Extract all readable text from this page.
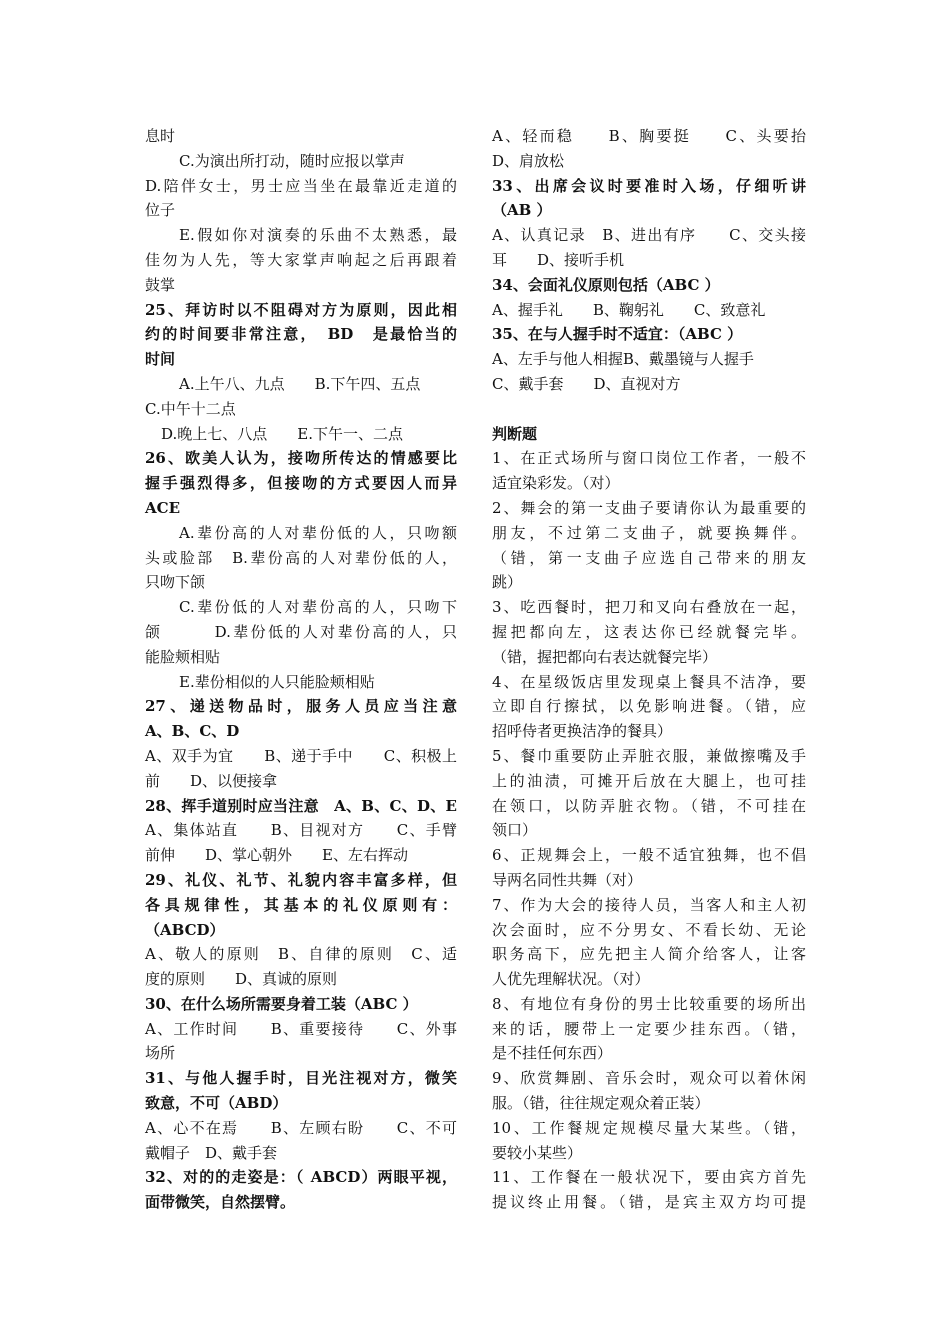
息时
C.为演出所打动，随时应报以掌声
D.陪伴女士，男士应当坐在最靠近走道的
位子
E.假如你对演奏的乐曲不太熟悉，最
佳勿为人先，等大家掌声响起之后再跟着
鼓掌
25、拜访时以不阻碍对方为原则，因此相
约的时间要非常注意，　BD　是最恰当的
时间
A.上午八、九点　　B.下午四、五点
C.中午十二点
D.晚上七、八点　　E.下午一、二点
26、欧美人认为，接吻所传达的情感要比
握手强烈得多，但接吻的方式要因人而异
ACE
A.辈份高的人对辈份低的人，只吻额
头或脸部　B.辈份高的人对辈份低的人，
只吻下颌
C.辈份低的人对辈份高的人，只吻下
颌　　　D.辈份低的人对辈份高的人，只
能脸颊相贴
E.辈份相似的人只能脸颊相贴
27、递送物品时，服务人员应当注意
A、B、C、D
A、双手为宜　　B、递于手中　　C、积极上
前　　D、以便接拿
28、挥手道别时应当注意　A、B、C、D、E
A、集体站直　　B、目视对方　　C、手臂
前伸　　D、掌心朝外　　E、左右挥动
29、礼仪、礼节、礼貌内容丰富多样，但
各具规律性，其基本的礼仪原则有：
（ABCD）
A、敬人的原则　B、自律的原则　C、适
度的原则　　D、真诚的原则
30、在什么场所需要身着工装（ABC ）
A、工作时间　　B、重要接待　　C、外事
场所
31、与他人握手时，目光注视对方，微笑
致意，不可（ABD）
A、心不在焉　　B、左顾右盼　　C、不可
戴帽子　D、戴手套
32、对的的走姿是：（ ABCD）两眼平视，
面带微笑，自然摆臂。
A、轻而稳　　B、胸要挺　　C、头要抬
D、肩放松
33、出席会议时要准时入场，仔细听讲
（AB ）
A、认真记录　B、进出有序　　C、交头接
耳　　D、接听手机
34、会面礼仪原则包括（ABC ）
A、握手礼　　B、鞠躬礼　　C、致意礼
35、在与人握手时不适宜：（ABC ）
A、左手与他人相握B、戴墨镜与人握手
C、戴手套　　D、直视对方
判断题
1、在正式场所与窗口岗位工作者，一般不
适宜染彩发。（对）
2、舞会的第一支曲子要请你认为最重要的
朋友，不过第二支曲子，就要换舞伴。
（错，第一支曲子应选自己带来的朋友
跳）
3、吃西餐时，把刀和叉向右叠放在一起，
握把都向左，这表达你已经就餐完毕。
（错，握把都向右表达就餐完毕）
4、在星级饭店里发现桌上餐具不洁净，要
立即自行擦拭，以免影响进餐。（错，应
招呼侍者更换洁净的餐具）
5、餐巾重要防止弄脏衣服，兼做擦嘴及手
上的油渍，可摊开后放在大腿上，也可挂
在领口，以防弄脏衣物。（错，不可挂在
领口）
6、正规舞会上，一般不适宜独舞，也不倡
导两名同性共舞（对）
7、作为大会的接待人员，当客人和主人初
次会面时，应不分男女、不看长幼、无论
职务高下，应先把主人简介给客人，让客
人优先理解状况。（对）
8、有地位有身份的男士比较重要的场所出
来的话，腰带上一定要少挂东西。（错，
是不挂任何东西）
9、欣赏舞剧、音乐会时，观众可以着休闲
服。（错，往往规定观众着正装）
10、工作餐规定规模尽量大某些。（错，
要较小某些）
11、工作餐在一般状况下，要由宾方首先
提议终止用餐。（错，是宾主双方均可提
